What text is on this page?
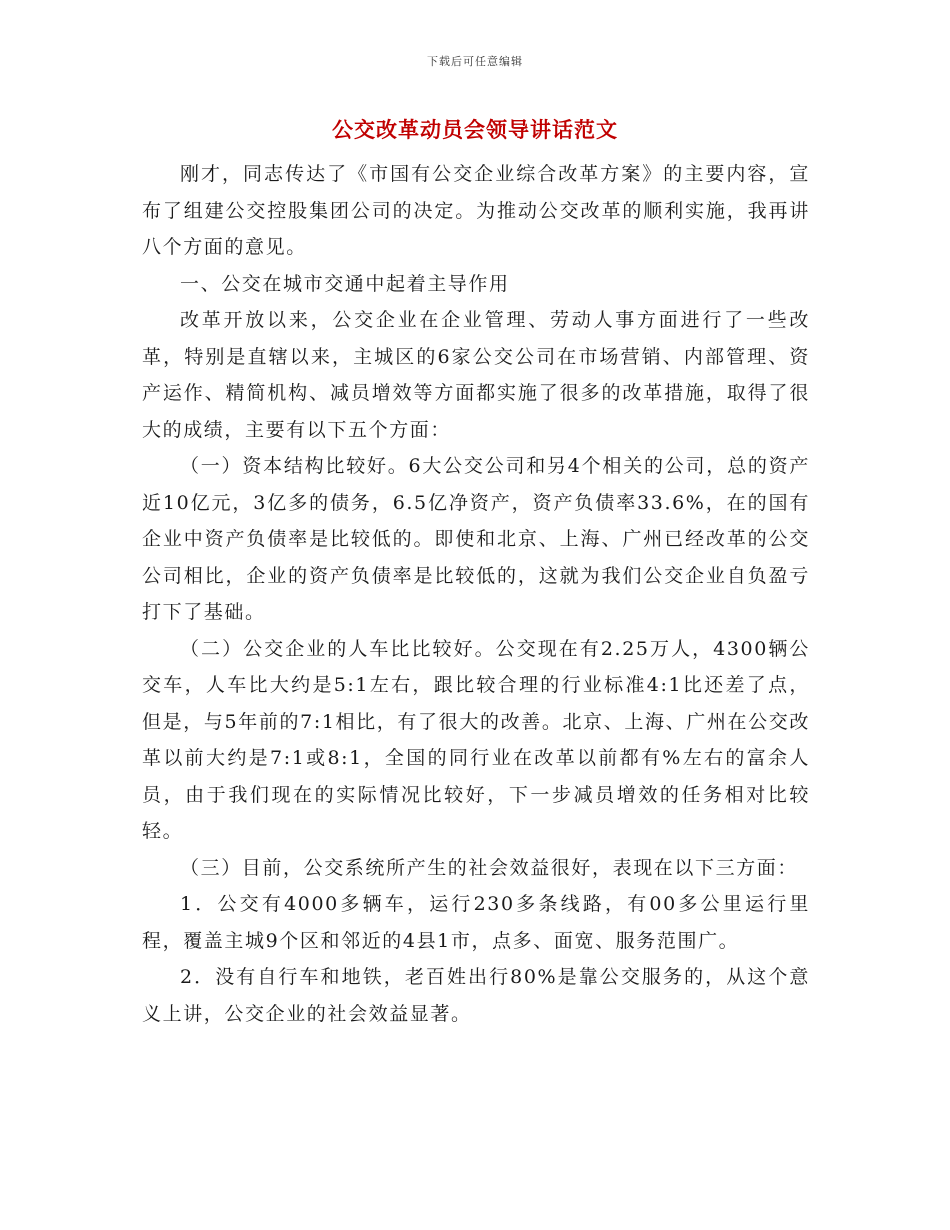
下载后可任意编辑
公交改革动员会领导讲话范文

刚才，同志传达了《市国有公交企业综合改革方案》的主要内容，宣布了组建公交控股集团公司的决定。为推动公交改革的顺利实施，我再讲八个方面的意见。

一、公交在城市交通中起着主导作用

改革开放以来，公交企业在企业管理、劳动人事方面进行了一些改革，特别是直辖以来，主城区的6家公交公司在市场营销、内部管理、资产运作、精简机构、减员增效等方面都实施了很多的改革措施，取得了很大的成绩，主要有以下五个方面：

（一）资本结构比较好。6大公交公司和另4个相关的公司，总的资产近10亿元，3亿多的债务，6.5亿净资产，资产负债率33.6%，在的国有企业中资产负债率是比较低的。即使和北京、上海、广州已经改革的公交公司相比，企业的资产负债率是比较低的，这就为我们公交企业自负盈亏打下了基础。

（二）公交企业的人车比比较好。公交现在有2.25万人，4300辆公交车，人车比大约是5:1左右，跟比较合理的行业标准4:1比还差了点，但是，与5年前的7:1相比，有了很大的改善。北京、上海、广州在公交改革以前大约是7:1或8:1，全国的同行业在改革以前都有%左右的富余人员，由于我们现在的实际情况比较好，下一步减员增效的任务相对比较轻。

（三）目前，公交系统所产生的社会效益很好，表现在以下三方面：

1．公交有4000多辆车，运行230多条线路，有00多公里运行里程，覆盖主城9个区和邻近的4县1市，点多、面宽、服务范围广。

2．没有自行车和地铁，老百姓出行80%是靠公交服务的，从这个意义上讲，公交企业的社会效益显著。
